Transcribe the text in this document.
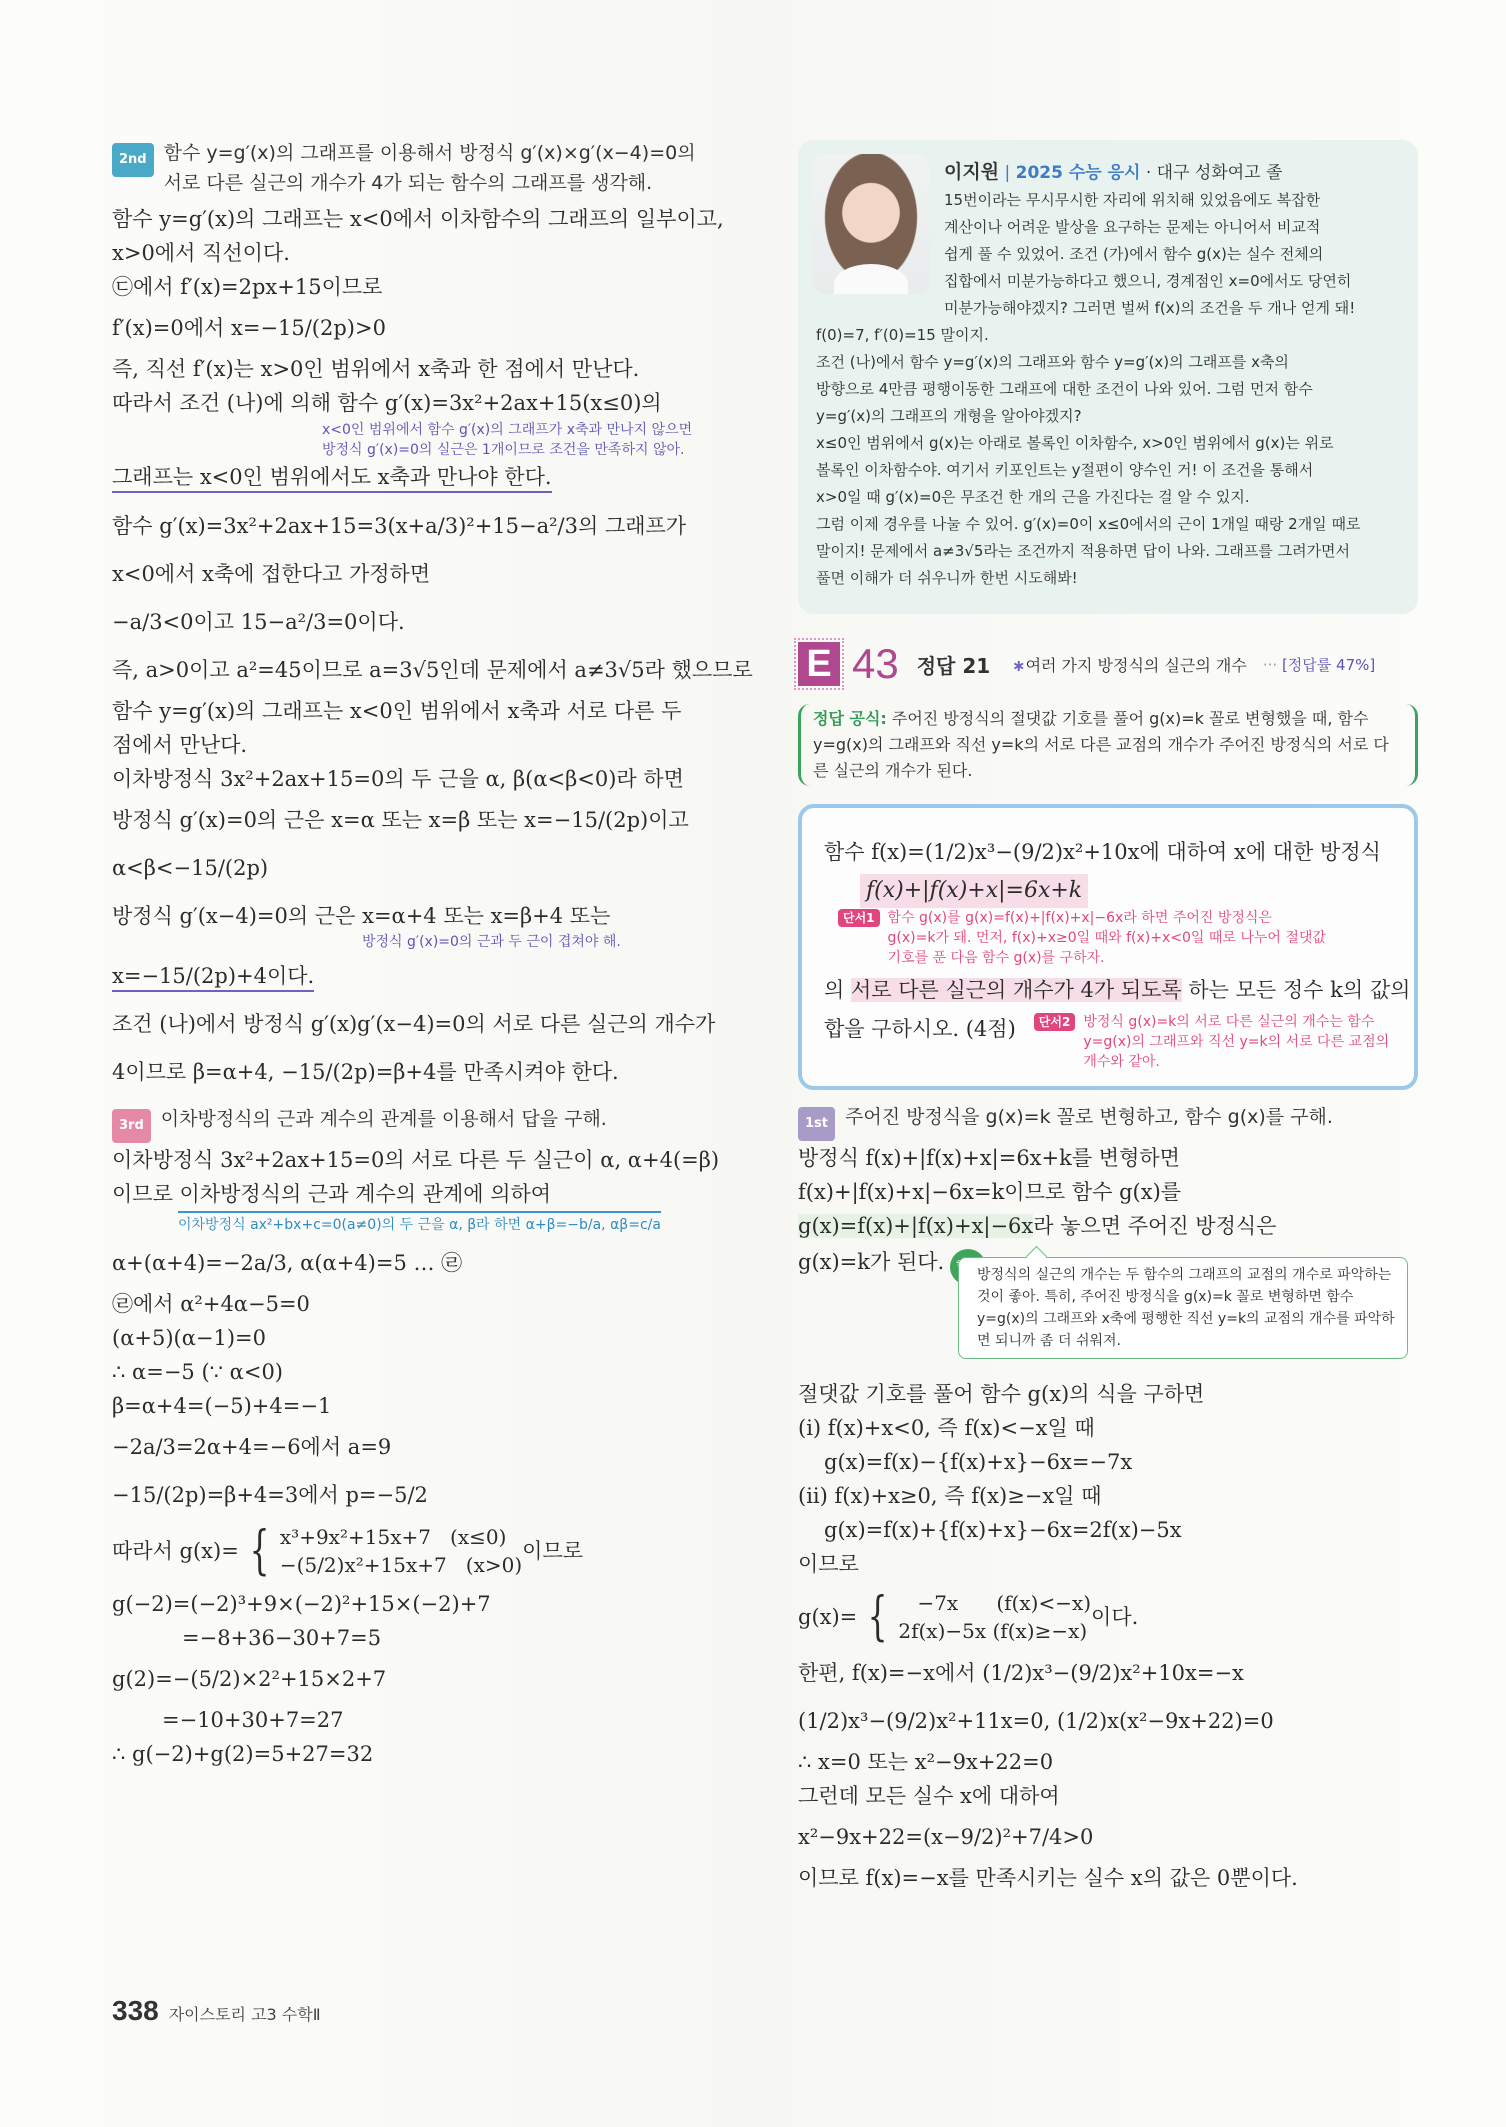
2nd 함수 y=g′(x)의 그래프를 이용해서 방정식 g′(x)×g′(x−4)=0의
서로 다른 실근의 개수가 4가 되는 함수의 그래프를 생각해.
함수 y=g′(x)의 그래프는 x<0에서 이차함수의 그래프의 일부이고,
x>0에서 직선이다.
㉢에서 f′(x)=2px+15이므로
f′(x)=0에서 x=−15/(2p)>0
즉, 직선 f′(x)는 x>0인 범위에서 x축과 한 점에서 만난다.
따라서 조건 (나)에 의해 함수 g′(x)=3x²+2ax+15(x≤0)의
x<0인 범위에서 함수 g′(x)의 그래프가 x축과 만나지 않으면
방정식 g′(x)=0의 실근은 1개이므로 조건을 만족하지 않아.
그래프는 x<0인 범위에서도 x축과 만나야 한다.
함수 g′(x)=3x²+2ax+15=3(x+a/3)²+15−a²/3의 그래프가
x<0에서 x축에 접한다고 가정하면
−a/3<0이고 15−a²/3=0이다.
즉, a>0이고 a²=45이므로 a=3√5인데 문제에서 a≠3√5라 했으므로
함수 y=g′(x)의 그래프는 x<0인 범위에서 x축과 서로 다른 두
점에서 만난다.
이차방정식 3x²+2ax+15=0의 두 근을 α, β(α<β<0)라 하면
방정식 g′(x)=0의 근은 x=α 또는 x=β 또는 x=−15/(2p)이고
α<β<−15/(2p)
방정식 g′(x−4)=0의 근은 x=α+4 또는 x=β+4 또는
방정식 g′(x)=0의 근과 두 근이 겹쳐야 해.
x=−15/(2p)+4이다.
조건 (나)에서 방정식 g′(x)g′(x−4)=0의 서로 다른 실근의 개수가
4이므로 β=α+4, −15/(2p)=β+4를 만족시켜야 한다.
3rd 이차방정식의 근과 계수의 관계를 이용해서 답을 구해.
이차방정식 3x²+2ax+15=0의 서로 다른 두 실근이 α, α+4(=β)
이므로 이차방정식의 근과 계수의 관계에 의하여
이차방정식 ax²+bx+c=0(a≠0)의 두 근을 α, β라 하면 α+β=−b/a, αβ=c/a
α+(α+4)=−2a/3, α(α+4)=5 … ㉣
㉣에서 α²+4α−5=0
(α+5)(α−1)=0
∴ α=−5 (∵ α<0)
β=α+4=(−5)+4=−1
−2a/3=2α+4=−6에서 a=9
−15/(2p)=β+4=3에서 p=−5/2
따라서 g(x)= { x³+9x²+15x+7   (x≤0)
−(5/2)x²+15x+7   (x>0)
이므로
g(−2)=(−2)³+9×(−2)²+15×(−2)+7
=−8+36−30+7=5
g(2)=−(5/2)×2²+15×2+7
=−10+30+7=27
∴ g(−2)+g(2)=5+27=32
이지원 | 2025 수능 응시 · 대구 성화여고 졸
15번이라는 무시무시한 자리에 위치해 있었음에도 복잡한
계산이나 어려운 발상을 요구하는 문제는 아니어서 비교적
쉽게 풀 수 있었어. 조건 (가)에서 함수 g(x)는 실수 전체의
집합에서 미분가능하다고 했으니, 경계점인 x=0에서도 당연히
미분가능해야겠지? 그러면 벌써 f(x)의 조건을 두 개나 얻게 돼!
f(0)=7, f′(0)=15 말이지.
조건 (나)에서 함수 y=g′(x)의 그래프와 함수 y=g′(x)의 그래프를 x축의
방향으로 4만큼 평행이동한 그래프에 대한 조건이 나와 있어. 그럼 먼저 함수
y=g′(x)의 그래프의 개형을 알아야겠지?
x≤0인 범위에서 g(x)는 아래로 볼록인 이차함수, x>0인 범위에서 g(x)는 위로
볼록인 이차함수야. 여기서 키포인트는 y절편이 양수인 거! 이 조건을 통해서
x>0일 때 g′(x)=0은 무조건 한 개의 근을 가진다는 걸 알 수 있지.
그럼 이제 경우를 나눌 수 있어. g′(x)=0이 x≤0에서의 근이 1개일 때랑 2개일 때로
말이지! 문제에서 a≠3√5라는 조건까지 적용하면 답이 나와. 그래프를 그려가면서
풀면 이해가 더 쉬우니까 한번 시도해봐!
E 43 정답 21 ∗여러 가지 방정식의 실근의 개수 ··· [정답률 47%]
정답 공식: 주어진 방정식의 절댓값 기호를 풀어 g(x)=k 꼴로 변형했을 때, 함수 y=g(x)의 그래프와 직선 y=k의 서로 다른 교점의 개수가 주어진 방정식의 서로 다른 실근의 개수가 된다.
함수 f(x)=(1/2)x³−(9/2)x²+10x에 대하여 x에 대한 방정식
f(x)+|f(x)+x|=6x+k
단서1 함수 g(x)를 g(x)=f(x)+|f(x)+x|−6x라 하면 주어진 방정식은
g(x)=k가 돼. 먼저, f(x)+x≥0일 때와 f(x)+x<0일 때로 나누어 절댓값
기호를 푼 다음 함수 g(x)를 구하자.
의 서로 다른 실근의 개수가 4가 되도록 하는 모든 정수 k의 값의
합을 구하시오. (4점)	단서2 방정식 g(x)=k의 서로 다른 실근의 개수는 함수
y=g(x)의 그래프와 직선 y=k의 서로 다른 교점의
개수와 같아.
1st 주어진 방정식을 g(x)=k 꼴로 변형하고, 함수 g(x)를 구해.
방정식 f(x)+|f(x)+x|=6x+k를 변형하면
f(x)+|f(x)+x|−6x=k이므로 함수 g(x)를
g(x)=f(x)+|f(x)+x|−6x라 놓으면 주어진 방정식은
g(x)=k가 된다.
방정식의 실근의 개수는 두 함수의 그래프의 교점의 개수로 파악하는 것이 좋아. 특히, 주어진 방정식을 g(x)=k 꼴로 변형하면 함수 y=g(x)의 그래프와 x축에 평행한 직선 y=k의 교점의 개수를 파악하면 되니까 좀 더 쉬워져.
절댓값 기호를 풀어 함수 g(x)의 식을 구하면
(i) f(x)+x<0, 즉 f(x)<−x일 때
g(x)=f(x)−{f(x)+x}−6x=−7x
(ii) f(x)+x≥0, 즉 f(x)≥−x일 때
g(x)=f(x)+{f(x)+x}−6x=2f(x)−5x
이므로
g(x)= { −7x      (f(x)<−x)
2f(x)−5x (f(x)≥−x)
이다.
한편, f(x)=−x에서 (1/2)x³−(9/2)x²+10x=−x
(1/2)x³−(9/2)x²+11x=0, (1/2)x(x²−9x+22)=0
∴ x=0 또는 x²−9x+22=0
그런데 모든 실수 x에 대하여
x²−9x+22=(x−9/2)²+7/4>0
이므로 f(x)=−x를 만족시키는 실수 x의 값은 0뿐이다.
338 자이스토리 고3 수학Ⅱ
